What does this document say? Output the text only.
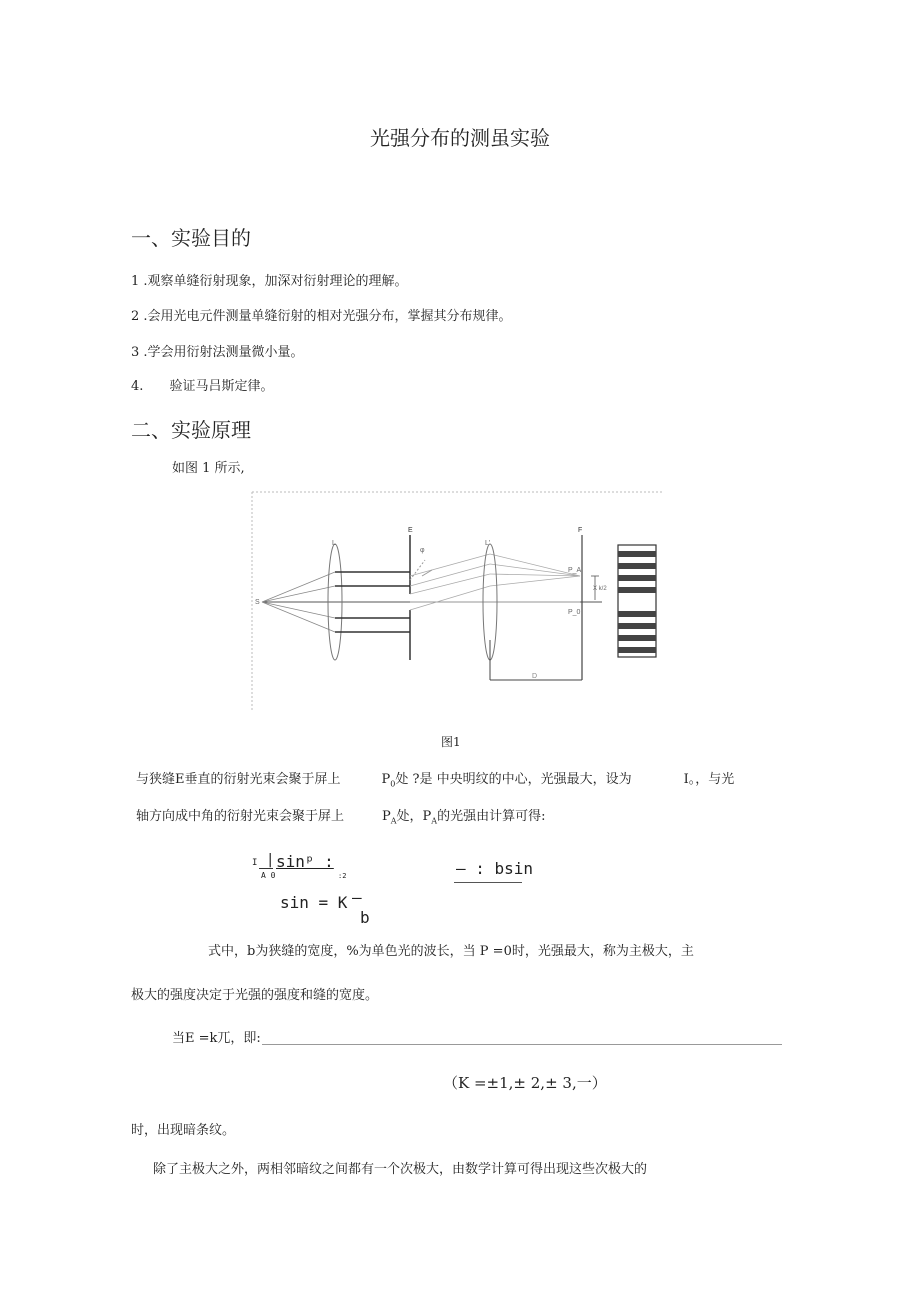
光强分布的测虽实验
一、实验目的
1 .观察单缝衍射现象，加深对衍射理论的理解。
2 .会用光电元件测量单缝衍射的相对光强分布，掌握其分布规律。
3 .学会用衍射法测量微小量。
4. 验证马吕斯定律。
二、实验原理
如图 1 所示,
L
E
L'
F
S
φ
P_A
P_0
X k/2
D
图1
与狭缝E垂直的衍射光束会聚于屏上	$P_0$处 ?是 中央明纹的中心，光强最大，设为	I。，与光
轴方向成中角的衍射光束会聚于屏上	$P_A$处，$P_A$的光强由计算可得:
I |
A 0
sinᵖ :
:2	— : bsin
sin = K —
b
式中，b为狭缝的宽度，%为单色光的波长，当 P =0时，光强最大，称为主极大，主
极大的强度决定于光强的强度和缝的宽度。
当E =k兀，即:
（K =±1,± 2,± 3,一）
时，出现暗条纹。
除了主极大之外，两相邻暗纹之间都有一个次极大，由数学计算可得出现这些次极大的
